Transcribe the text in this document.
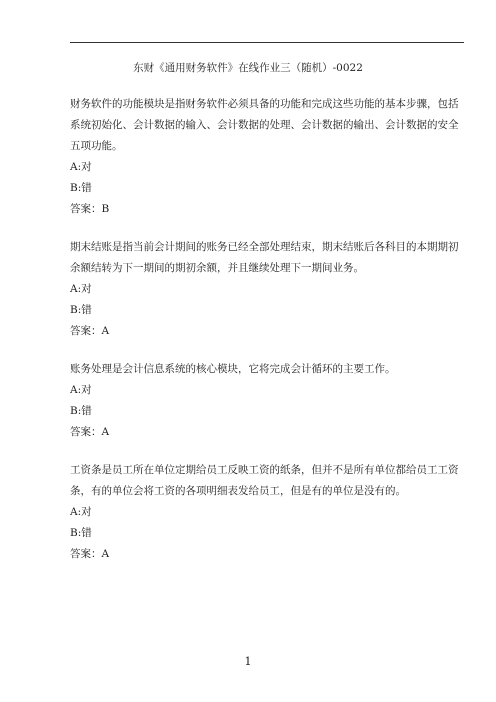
东财《通用财务软件》在线作业三（随机）-0022

财务软件的功能模块是指财务软件必须具备的功能和完成这些功能的基本步骤，包括系统初始化、会计数据的输入、会计数据的处理、会计数据的输出、会计数据的安全五项功能。

A:对

B:错

答案：B

期末结账是指当前会计期间的账务已经全部处理结束，期末结账后各科目的本期期初余额结转为下一期间的期初余额，并且继续处理下一期间业务。

A:对

B:错

答案：A

账务处理是会计信息系统的核心模块，它将完成会计循环的主要工作。

A:对

B:错

答案：A

工资条是员工所在单位定期给员工反映工资的纸条，但并不是所有单位都给员工工资条，有的单位会将工资的各项明细表发给员工，但是有的单位是没有的。

A:对

B:错

答案：A

1
